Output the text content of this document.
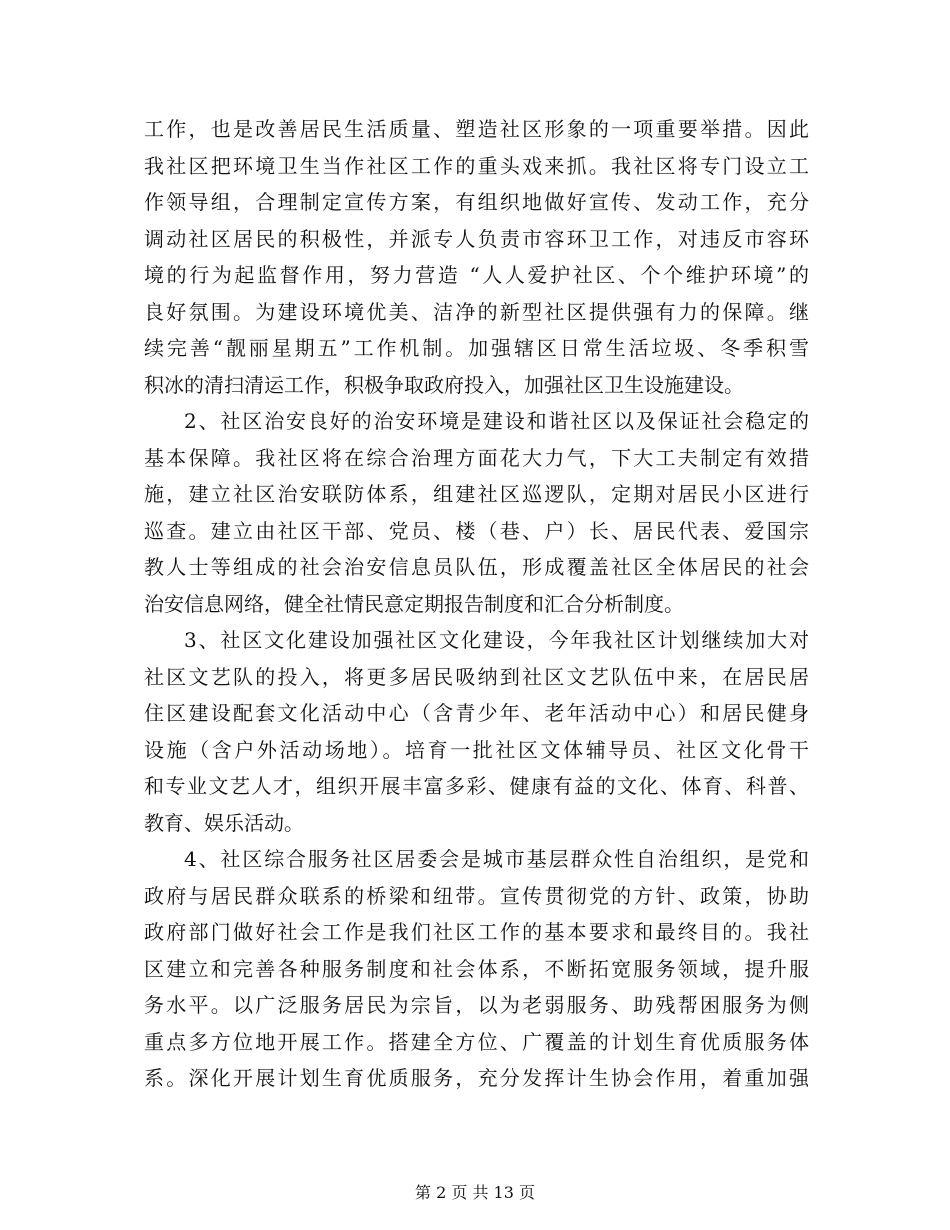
工作，也是改善居民生活质量、塑造社区形象的一项重要举措。因此
我社区把环境卫生当作社区工作的重头戏来抓。我社区将专门设立工
作领导组，合理制定宣传方案，有组织地做好宣传、发动工作，充分
调动社区居民的积极性，并派专人负责市容环卫工作，对违反市容环
境的行为起监督作用，努力营造 “人人爱护社区、个个维护环境”的
良好氛围。为建设环境优美、洁净的新型社区提供强有力的保障。继
续完善“靓丽星期五”工作机制。加强辖区日常生活垃圾、冬季积雪
积冰的清扫清运工作，积极争取政府投入，加强社区卫生设施建设。
2、社区治安良好的治安环境是建设和谐社区以及保证社会稳定的
基本保障。我社区将在综合治理方面花大力气，下大工夫制定有效措
施，建立社区治安联防体系，组建社区巡逻队，定期对居民小区进行
巡查。建立由社区干部、党员、楼（巷、户）长、居民代表、爱国宗
教人士等组成的社会治安信息员队伍，形成覆盖社区全体居民的社会
治安信息网络，健全社情民意定期报告制度和汇合分析制度。
3、社区文化建设加强社区文化建设，今年我社区计划继续加大对
社区文艺队的投入，将更多居民吸纳到社区文艺队伍中来，在居民居
住区建设配套文化活动中心（含青少年、老年活动中心）和居民健身
设施（含户外活动场地）。培育一批社区文体辅导员、社区文化骨干
和专业文艺人才，组织开展丰富多彩、健康有益的文化、体育、科普、
教育、娱乐活动。
4、社区综合服务社区居委会是城市基层群众性自治组织，是党和
政府与居民群众联系的桥梁和纽带。宣传贯彻党的方针、政策，协助
政府部门做好社会工作是我们社区工作的基本要求和最终目的。我社
区建立和完善各种服务制度和社会体系，不断拓宽服务领域，提升服
务水平。以广泛服务居民为宗旨，以为老弱服务、助残帮困服务为侧
重点多方位地开展工作。搭建全方位、广覆盖的计划生育优质服务体
系。深化开展计划生育优质服务，充分发挥计生协会作用，着重加强
第 2 页 共 13 页
